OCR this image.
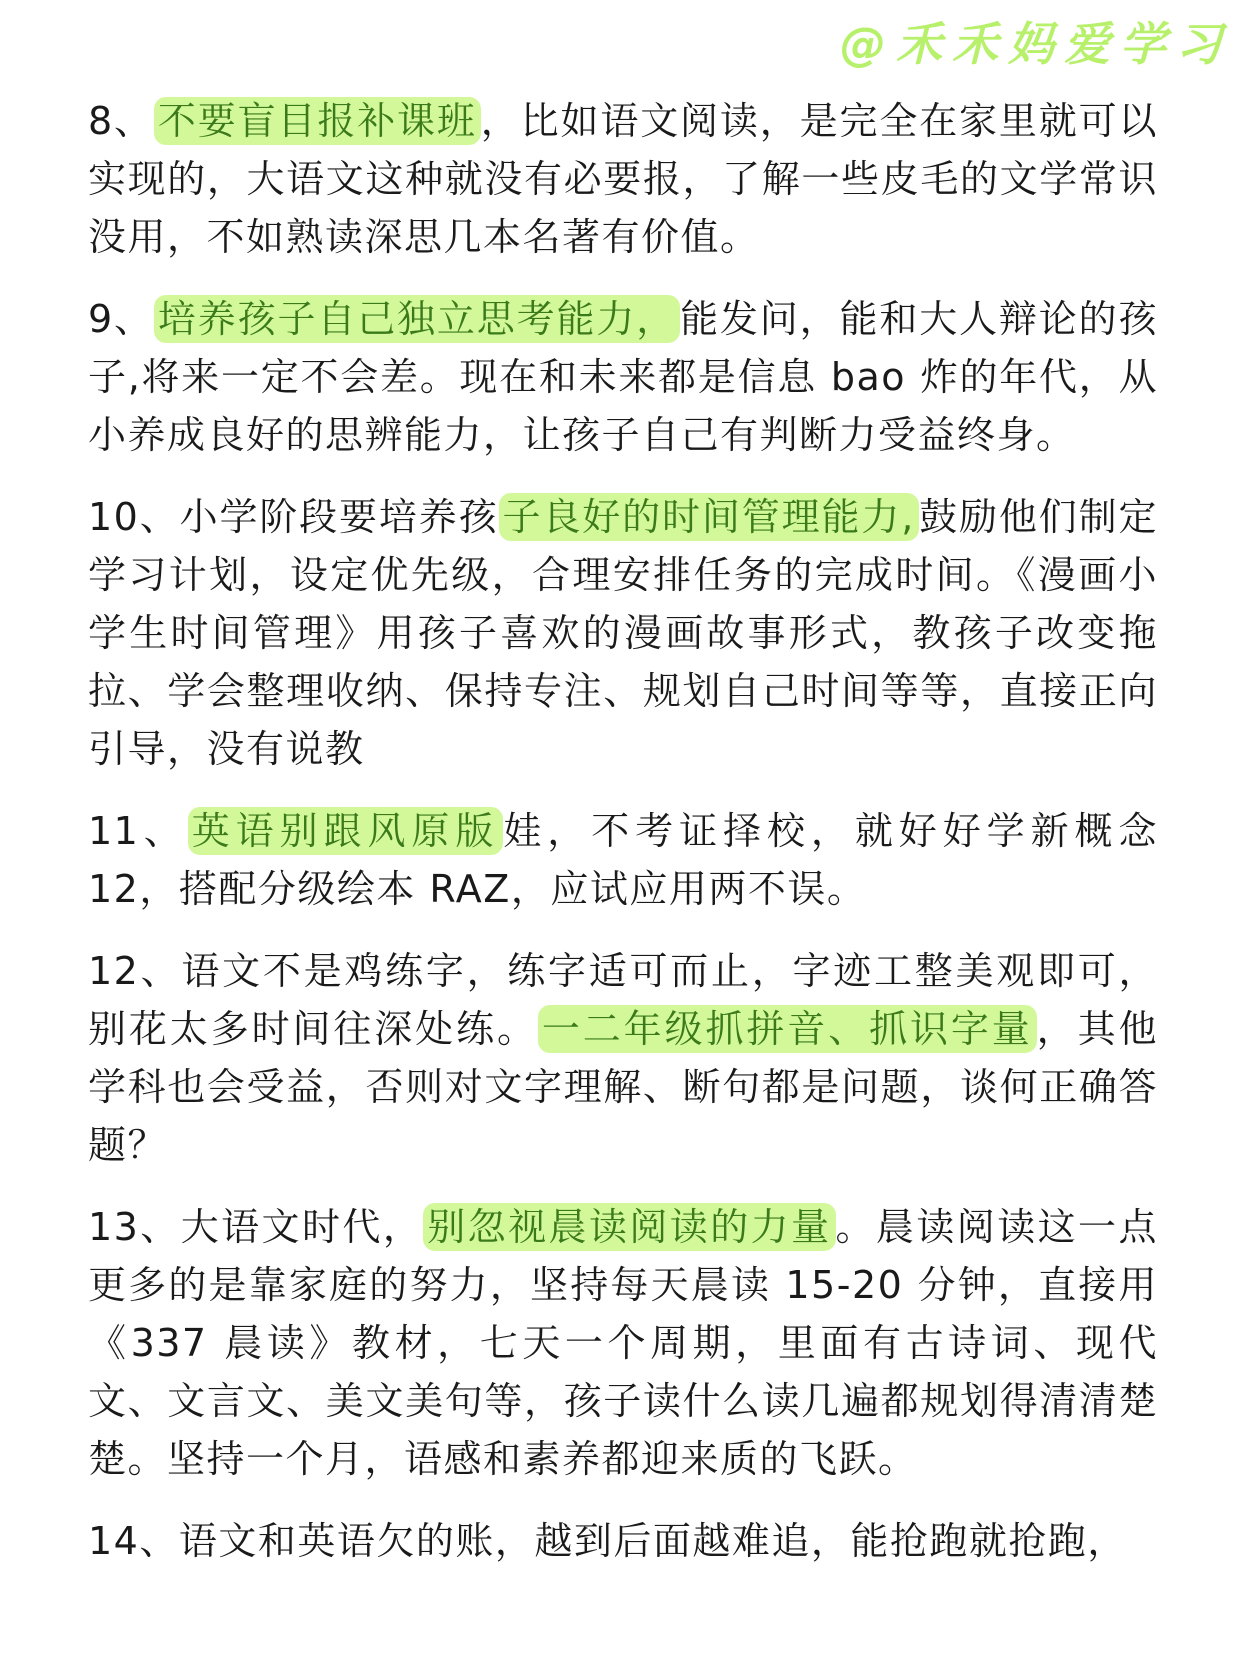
@禾禾妈爱学习

8、 不要盲目报补课班 ，比如语文阅读，是完全在家里就可以实现的，大语文这种就没有必要报，了解一些皮毛的文学常识没用，不如熟读深思几本名著有价值。

9、 培养孩子自己独立思考能力， 能发问，能和大人辩论的孩子,将来一定不会差。现在和未来都是信息 bao 炸的年代，从小养成良好的思辨能力，让孩子自己有判断力受益终身。

10、小学阶段要培养孩 子良好的时间管理能力, 鼓励他们制定学习计划，设定优先级，合理安排任务的完成时间。《漫画小学生时间管理》用孩子喜欢的漫画故事形式，教孩子改变拖拉、学会整理收纳、保持专注、规划自己时间等等，直接正向引导，没有说教

11、 英语别跟风原版 娃，不考证择校，就好好学新概念 12，搭配分级绘本 RAZ，应试应用两不误。

12、语文不是鸡练字，练字适可而止，字迹工整美观即可，别花太多时间往深处练。 一二年级抓拼音、抓识字量 ，其他学科也会受益，否则对文字理解、断句都是问题，谈何正确答题？

13、大语文时代， 别忽视晨读阅读的力量 。晨读阅读这一点更多的是靠家庭的努力，坚持每天晨读 15-20 分钟，直接用《337 晨读》教材，七天一个周期，里面有古诗词、现代文、文言文、美文美句等，孩子读什么读几遍都规划得清清楚楚。坚持一个月，语感和素养都迎来质的飞跃。

14、语文和英语欠的账，越到后面越难追，能抢跑就抢跑，
